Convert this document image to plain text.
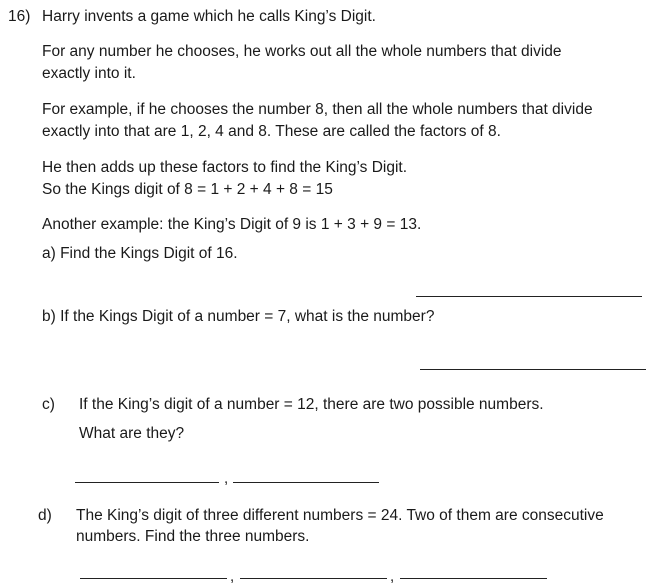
16) Harry invents a game which he calls King’s Digit.
For any number he chooses, he works out all the whole numbers that divide
exactly into it.
For example, if he chooses the number 8, then all the whole numbers that divide
exactly into that are 1, 2, 4 and 8. These are called the factors of 8.
He then adds up these factors to find the King’s Digit.
So the Kings digit of 8 = 1 + 2 + 4 + 8 = 15
Another example: the King’s Digit of 9 is 1 + 3 + 9 = 13.
a) Find the Kings Digit of 16.
b) If the Kings Digit of a number = 7, what is the number?
c) If the King’s digit of a number = 12, there are two possible numbers.
What are they?
,
d) The King’s digit of three different numbers = 24. Two of them are consecutive
numbers. Find the three numbers.
,	,
